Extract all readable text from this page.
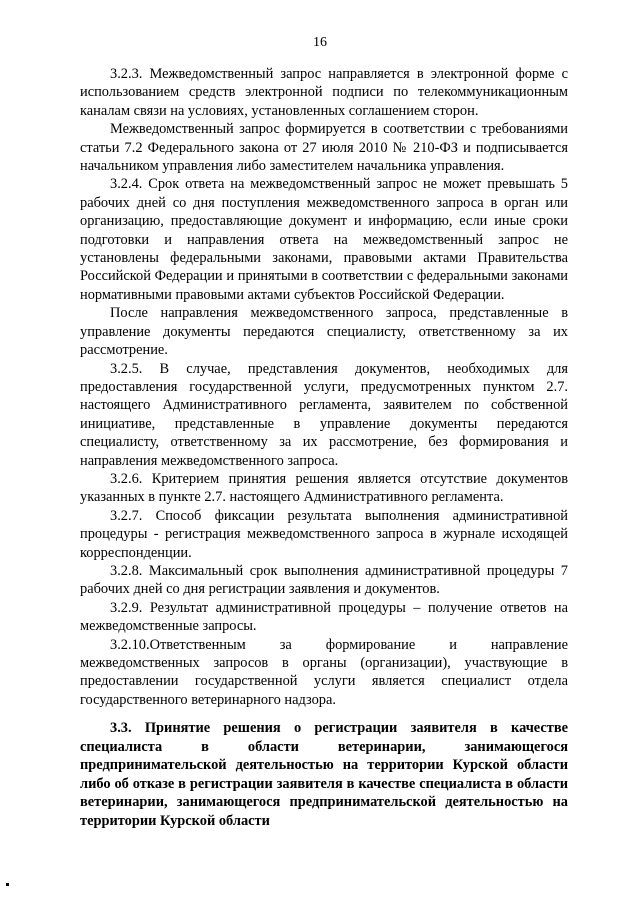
16

3.2.3. Межведомственный запрос направляется в электронной форме с использованием средств электронной подписи по телекоммуникационным каналам связи на условиях, установленных соглашением сторон.

Межведомственный запрос формируется в соответствии с требованиями статьи 7.2 Федерального закона от 27 июля 2010 № 210-ФЗ и подписывается начальником управления либо заместителем начальника управления.

3.2.4. Срок ответа на межведомственный запрос не может превышать 5 рабочих дней со дня поступления межведомственного запроса в орган или организацию, предоставляющие документ и информацию, если иные сроки подготовки и направления ответа на межведомственный запрос не установлены федеральными законами, правовыми актами Правительства Российской Федерации и принятыми в соответствии с федеральными законами нормативными правовыми актами субъектов Российской Федерации.

После направления межведомственного запроса, представленные в управление документы передаются специалисту, ответственному за их рассмотрение.

3.2.5. В случае, представления документов, необходимых для предоставления государственной услуги, предусмотренных пунктом 2.7. настоящего Административного регламента, заявителем по собственной инициативе, представленные в управление документы передаются специалисту, ответственному за их рассмотрение, без формирования и направления межведомственного запроса.

3.2.6. Критерием принятия решения является отсутствие документов указанных в пункте 2.7. настоящего Административного регламента.

3.2.7. Способ фиксации результата выполнения административной процедуры - регистрация межведомственного запроса в журнале исходящей корреспонденции.

3.2.8. Максимальный срок выполнения административной процедуры 7 рабочих дней со дня регистрации заявления и документов.

3.2.9. Результат административной процедуры – получение ответов на межведомственные запросы.

3.2.10.Ответственным за формирование и направление межведомственных запросов в органы (организации), участвующие в предоставлении государственной услуги является специалист отдела государственного ветеринарного надзора.

3.3. Принятие решения о регистрации заявителя в качестве специалиста в области ветеринарии, занимающегося предпринимательской деятельностью на территории Курской области либо об отказе в регистрации заявителя в качестве специалиста в области ветеринарии, занимающегося предпринимательской деятельностью на территории Курской области
